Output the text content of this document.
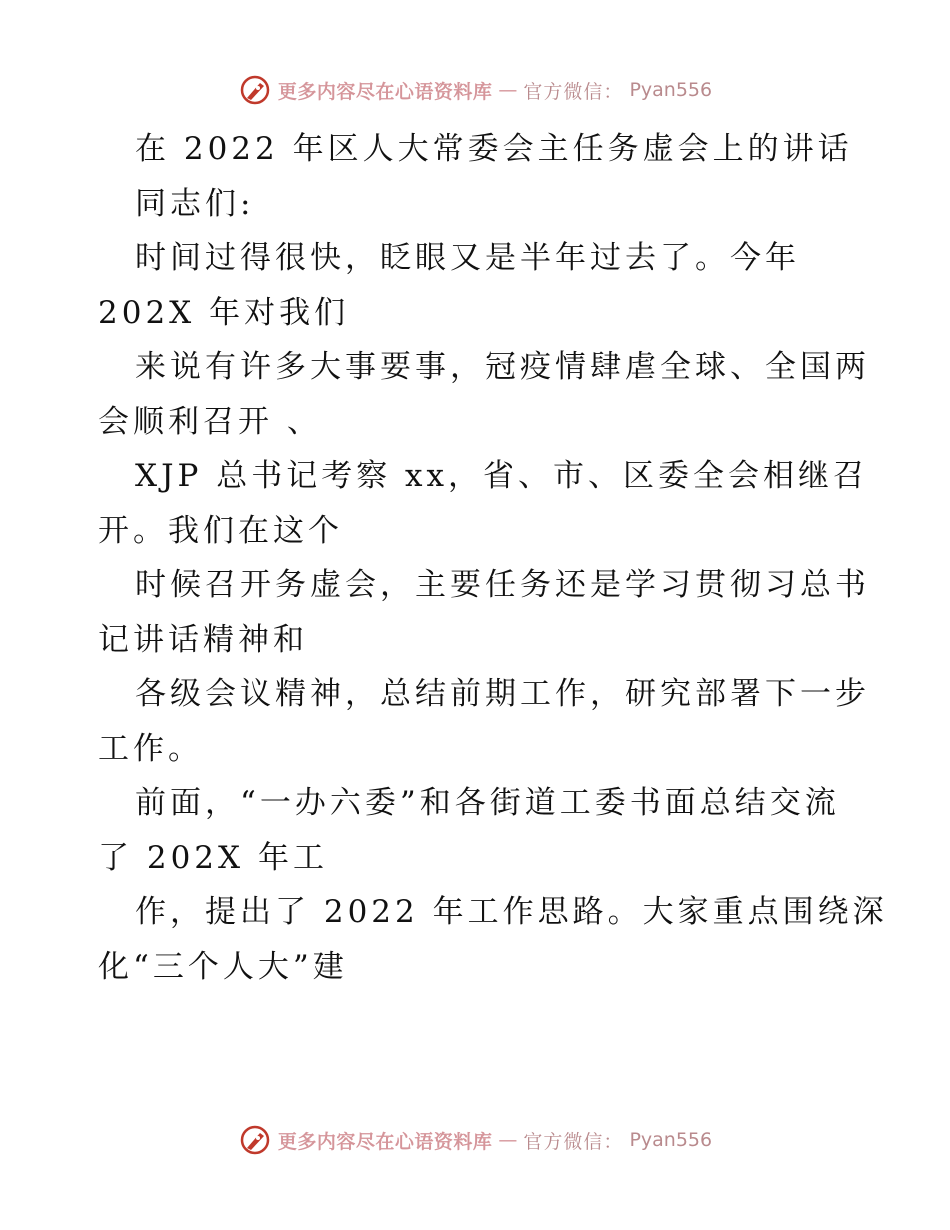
更多内容尽在心语资料库 — 官方微信： Pyan556
在 2022 年区人大常委会主任务虚会上的讲话
同志们:
时间过得很快，眨眼又是半年过去了。今年
202X 年对我们
来说有许多大事要事，冠疫情肆虐全球、全国两
会顺利召开 、
XJP 总书记考察 xx，省、市、区委全会相继召
开。我们在这个
时候召开务虚会，主要任务还是学习贯彻习总书
记讲话精神和
各级会议精神，总结前期工作，研究部署下一步
工作。
前面，“一办六委”和各街道工委书面总结交流
了 202X 年工
作，提出了 2022 年工作思路。大家重点围绕深
化“三个人大”建
更多内容尽在心语资料库 — 官方微信： Pyan556
